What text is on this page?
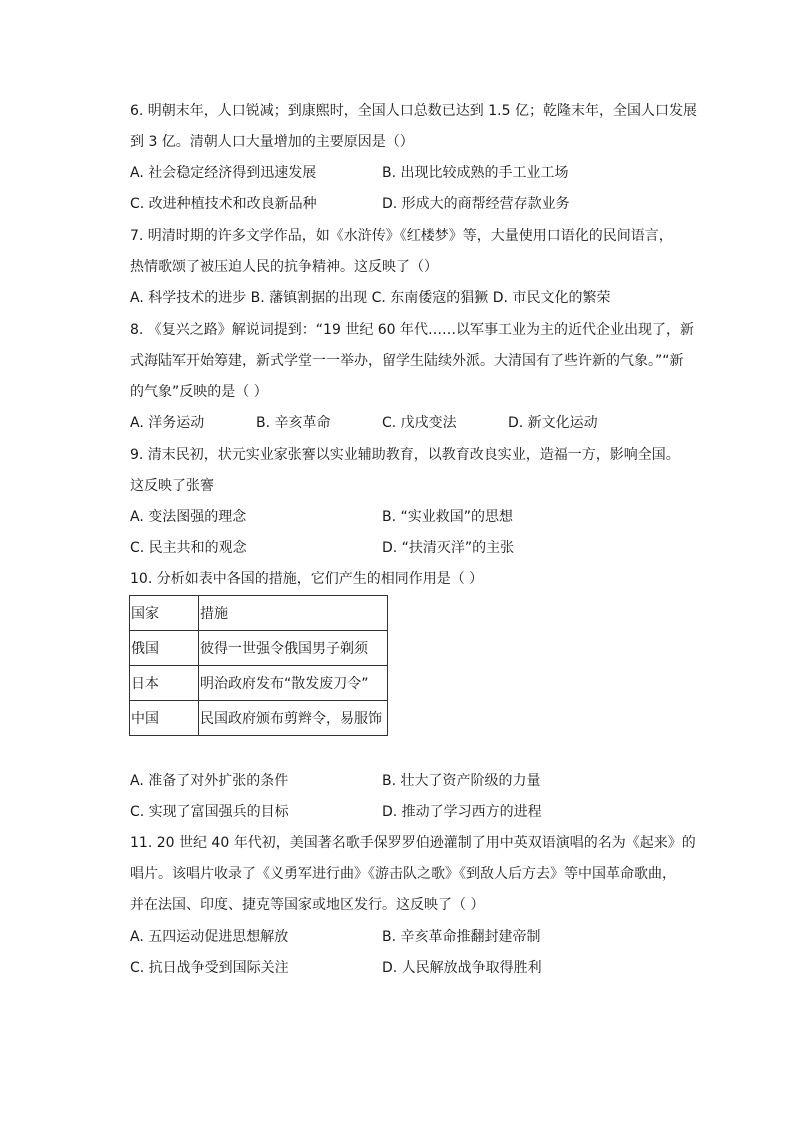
6. 明朝末年，人口锐减；到康熙时，全国人口总数已达到 1.5 亿；乾隆末年，全国人口发展
到 3 亿。清朝人口大量增加的主要原因是（）
A. 社会稳定经济得到迅速发展	B. 出现比较成熟的手工业工场
C. 改进种植技术和改良新品种	D. 形成大的商帮经营存款业务
7. 明清时期的许多文学作品，如《水浒传》《红楼梦》等，大量使用口语化的民间语言，
热情歌颂了被压迫人民的抗争精神。这反映了（）
A. 科学技术的进步 B. 藩镇割据的出现 C. 东南倭寇的猖獗 D. 市民文化的繁荣
8. 《复兴之路》解说词提到：“19 世纪 60 年代……以军事工业为主的近代企业出现了，新
式海陆军开始筹建，新式学堂一一举办，留学生陆续外派。大清国有了些许新的气象。”“新
的气象”反映的是（ ）
A. 洋务运动	B. 辛亥革命	C. 戊戌变法	D. 新文化运动
9. 清末民初，状元实业家张謇以实业辅助教育，以教育改良实业，造福一方，影响全国。
这反映了张謇
A. 变法图强的理念	B. “实业救国”的思想
C. 民主共和的观念	D. “扶清灭洋”的主张
10. 分析如表中各国的措施，它们产生的相同作用是（ ）
国家	措施
俄国	彼得一世强令俄国男子剃须
日本	明治政府发布“散发废刀令”
中国	民国政府颁布剪辫令，易服饰
A. 准备了对外扩张的条件	B. 壮大了资产阶级的力量
C. 实现了富国强兵的目标	D. 推动了学习西方的进程
11. 20 世纪 40 年代初，美国著名歌手保罗罗伯逊灌制了用中英双语演唱的名为《起来》的
唱片。该唱片收录了《义勇军进行曲》《游击队之歌》《到敌人后方去》等中国革命歌曲，
并在法国、印度、捷克等国家或地区发行。这反映了（ ）
A. 五四运动促进思想解放	B. 辛亥革命推翻封建帝制
C. 抗日战争受到国际关注	D. 人民解放战争取得胜利
